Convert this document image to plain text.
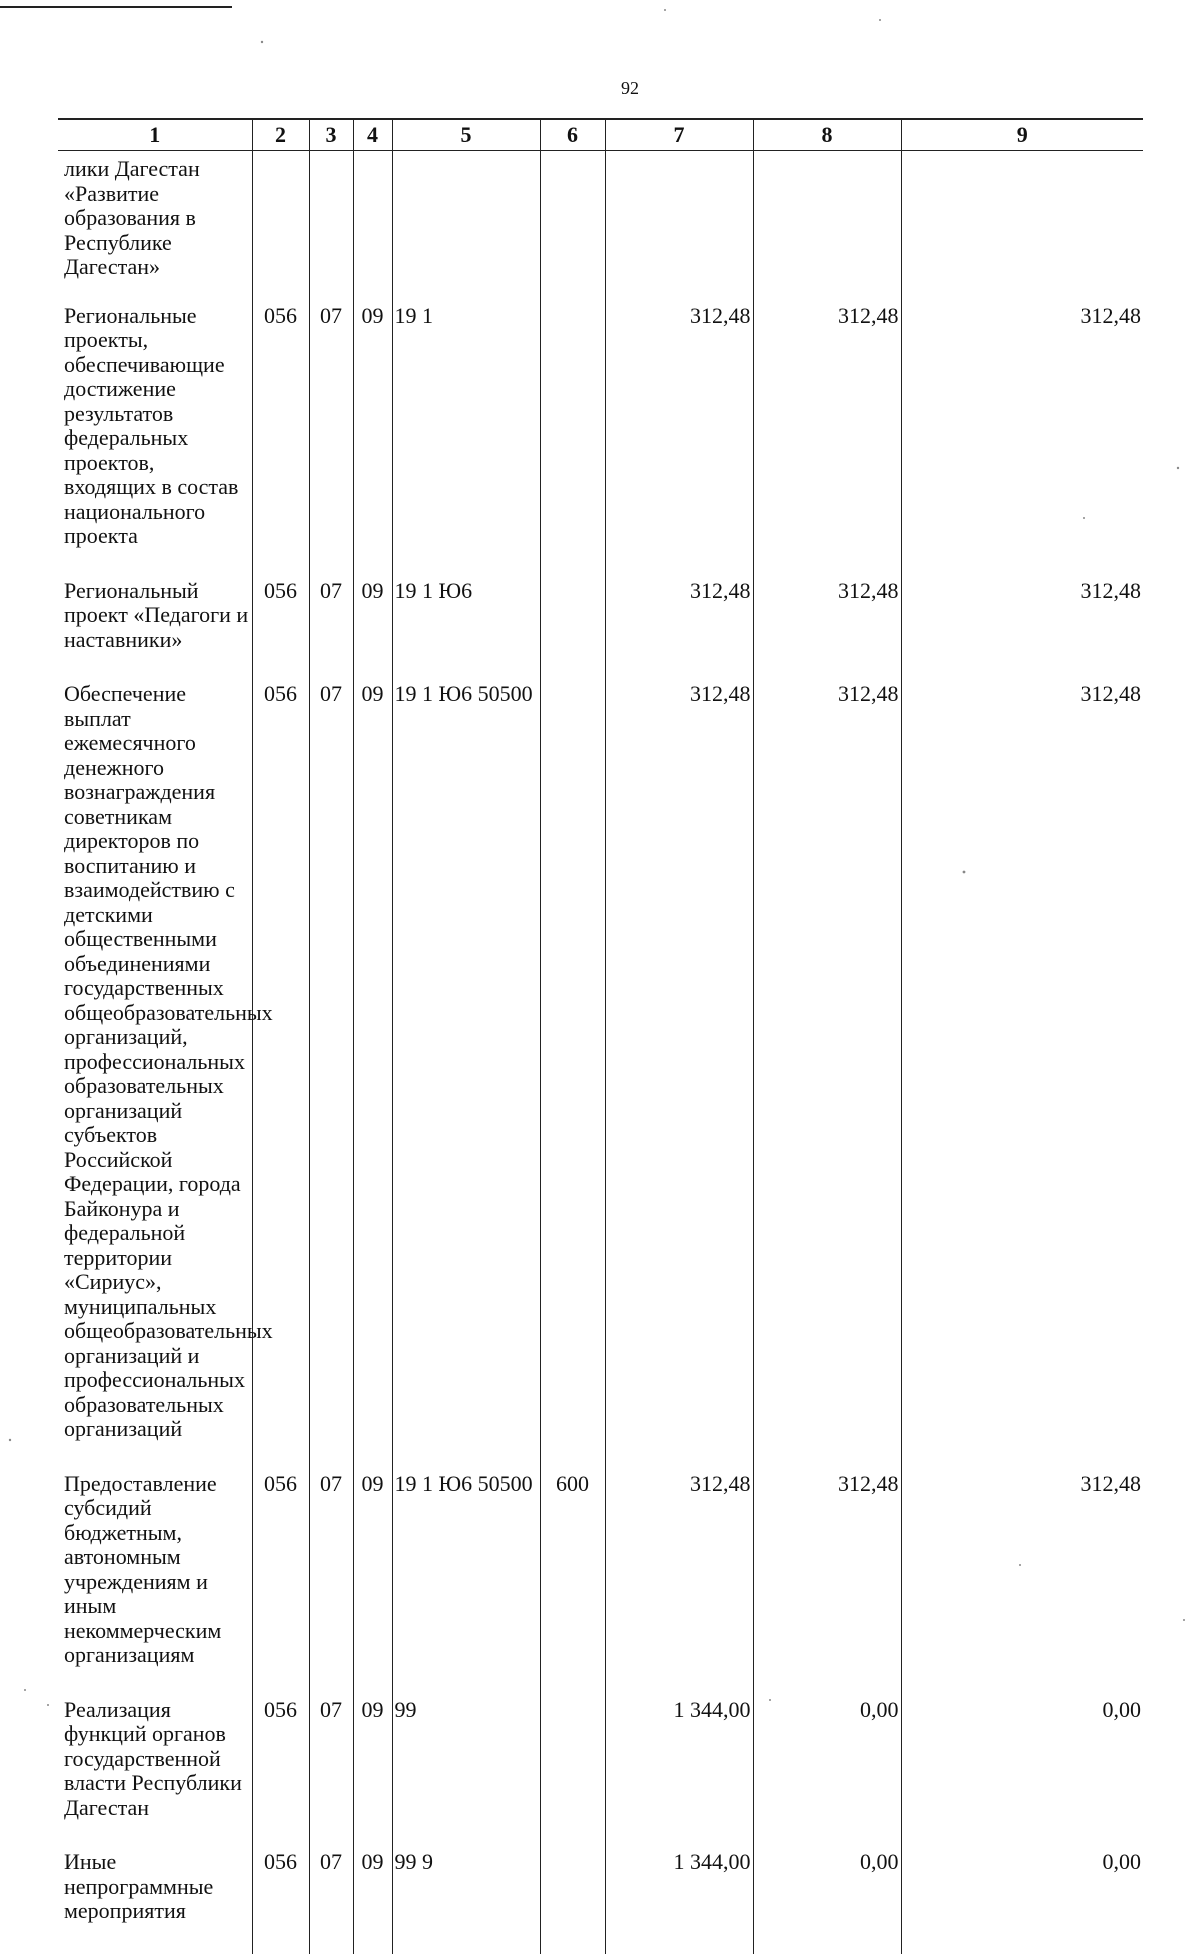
92
1	2	3	4	5	6	7	8	9
лики Дагестан «Развитие образования в Республике Дагестан»								
Региональные проекты, обеспечивающие достижение результатов федеральных проектов, входящих в состав национального проекта	056	07	09	19 1		312,48	312,48	312,48
Региональный проект «Педагоги и наставники»	056	07	09	19 1 Ю6		312,48	312,48	312,48
Обеспечение выплат ежемесячного денежного вознаграждения советникам директоров по воспитанию и взаимодействию с детскими общественными объединениями государственных общеобразовательных организаций, профессиональных образовательных организаций субъектов Российской Федерации, города Байконура и федеральной территории «Сириус», муниципальных общеобразовательных организаций и профессиональных образовательных организаций	056	07	09	19 1 Ю6 50500		312,48	312,48	312,48
Предоставление субсидий бюджетным, автономным учреждениям и иным некоммерческим организациям	056	07	09	19 1 Ю6 50500	600	312,48	312,48	312,48
Реализация функций органов государственной власти Республики Дагестан	056	07	09	99		1 344,00	0,00	0,00
Иные непрограммные мероприятия	056	07	09	99 9		1 344,00	0,00	0,00
